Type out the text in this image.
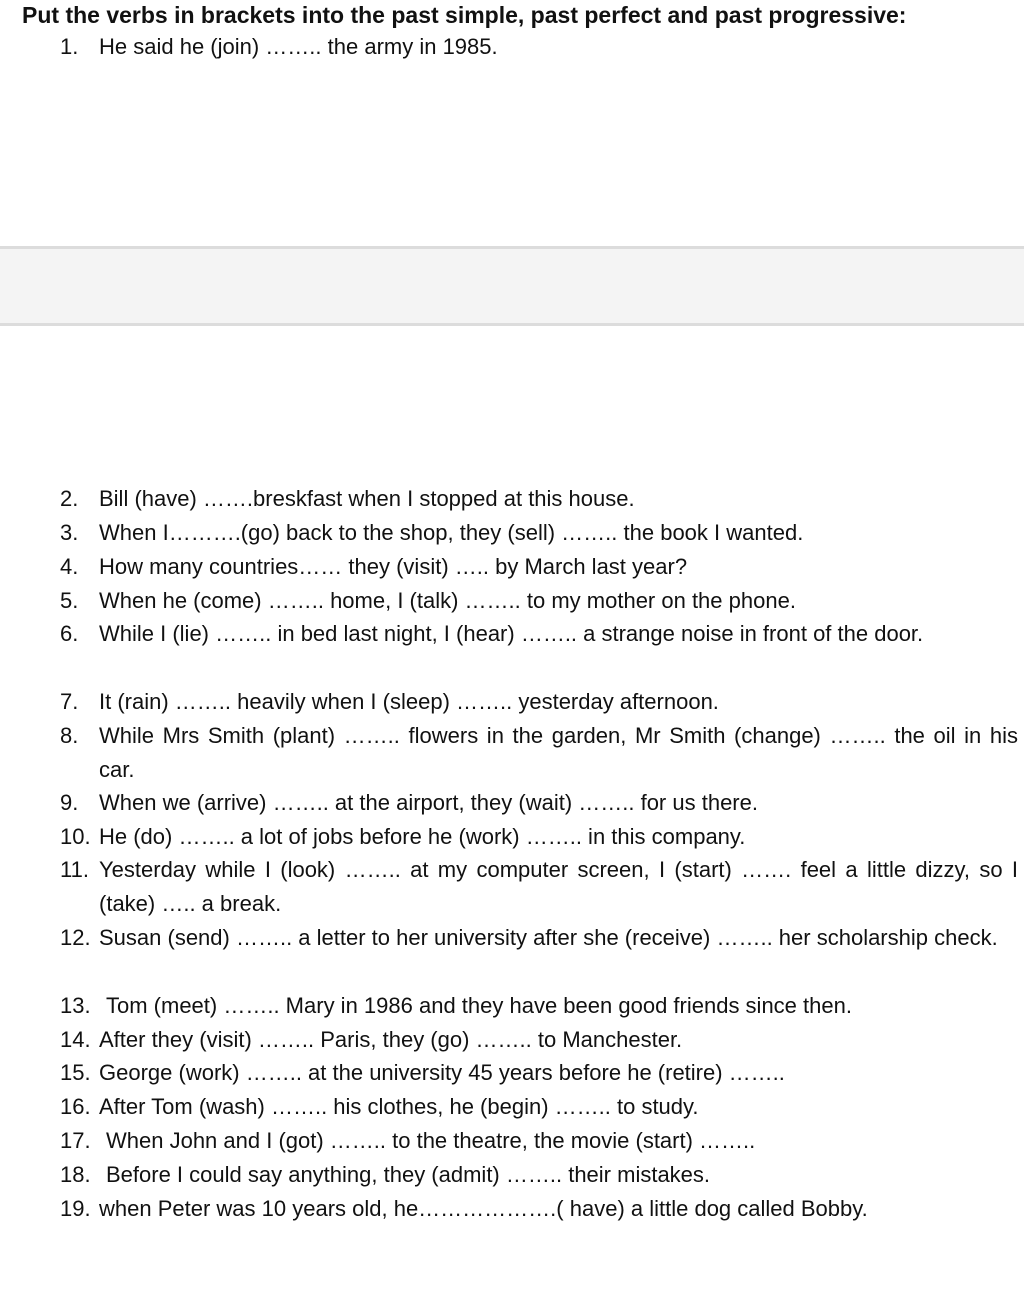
Put the verbs in brackets into the past simple, past perfect and past progressive:
1. He said he (join) …….. the army in 1985.
2. Bill (have) …….breskfast when I stopped at this house.
3. When I……….(go) back to the shop, they (sell) …….. the book I wanted.
4. How many countries…… they (visit) ….. by March last year?
5. When he (come) …….. home, I (talk) …….. to my mother on the phone.
6. While I (lie) …….. in bed last night, I (hear) …….. a strange noise in front of the door.
7. It (rain) …….. heavily when I (sleep) …….. yesterday afternoon.
8. While Mrs Smith (plant) …….. flowers in the garden, Mr Smith (change) …….. the oil in his car.
9. When we (arrive) …….. at the airport, they (wait) …….. for us there.
10. He (do) …….. a lot of jobs before he (work) …….. in this company.
11. Yesterday while I (look) …….. at my computer screen, I (start) ……. feel a little dizzy, so I (take) ….. a break.
12. Susan (send) …….. a letter to her university after she (receive) …….. her scholarship check.
13. Tom (meet) …….. Mary in 1986 and they have been good friends since then.
14. After they (visit) …….. Paris, they (go) …….. to Manchester.
15. George (work) …….. at the university 45 years before he (retire) ……..
16. After Tom (wash) …….. his clothes, he (begin) …….. to study.
17. When John and I (got) …….. to the theatre, the movie (start) ……..
18. Before I could say anything, they (admit) …….. their mistakes.
19. when Peter was 10 years old, he……………….( have) a little dog called Bobby.
